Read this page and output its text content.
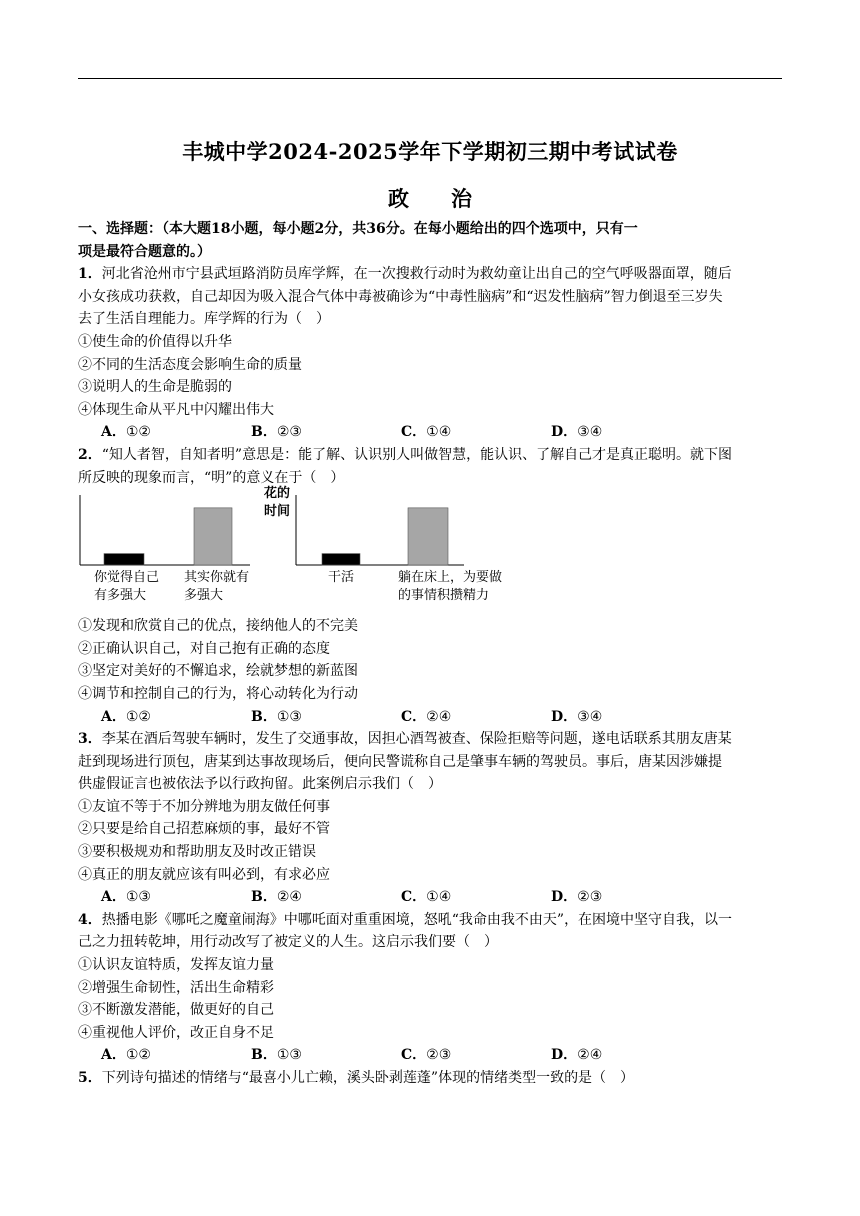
丰城中学2024-2025学年下学期初三期中考试试卷
政　　治

一、选择题：（本大题18小题，每小题2分，共36分。在每小题给出的四个选项中，只有一

项是最符合题意的。）

1．河北省沧州市宁县武垣路消防员库学辉，在一次搜救行动时为救幼童让出自己的空气呼吸器面罩，随后

小女孩成功获救，自己却因为吸入混合气体中毒被确诊为“中毒性脑病”和“迟发性脑病”智力倒退至三岁失

去了生活自理能力。库学辉的行为（　）

①使生命的价值得以升华

②不同的生活态度会影响生命的质量

③说明人的生命是脆弱的

④体现生命从平凡中闪耀出伟大

A．①②	B．②③	C．①④	D．③④

2．“知人者智，自知者明”意思是：能了解、认识别人叫做智慧，能认识、了解自己才是真正聪明。就下图

所反映的现象而言，“明”的意义在于（　）

你觉得自己
有多强大
其实你就有
多强大
干活	躺在床上，为要做
的事情积攒精力
花的
时间

①发现和欣赏自己的优点，接纳他人的不完美

②正确认识自己，对自己抱有正确的态度

③坚定对美好的不懈追求，绘就梦想的新蓝图

④调节和控制自己的行为，将心动转化为行动

A．①②	B．①③	C．②④	D．③④

3．李某在酒后驾驶车辆时，发生了交通事故，因担心酒驾被查、保险拒赔等问题，遂电话联系其朋友唐某

赶到现场进行顶包，唐某到达事故现场后，便向民警谎称自己是肇事车辆的驾驶员。事后，唐某因涉嫌提

供虚假证言也被依法予以行政拘留。此案例启示我们（　）

①友谊不等于不加分辨地为朋友做任何事

②只要是给自己招惹麻烦的事，最好不管

③要积极规劝和帮助朋友及时改正错误

④真正的朋友就应该有叫必到，有求必应

A．①③	B．②④	C．①④	D．②③

4．热播电影《哪吒之魔童闹海》中哪吒面对重重困境，怒吼“我命由我不由天”，在困境中坚守自我，以一

己之力扭转乾坤，用行动改写了被定义的人生。这启示我们要（　）

①认识友谊特质，发挥友谊力量

②增强生命韧性，活出生命精彩

③不断激发潜能，做更好的自己

④重视他人评价，改正自身不足

A．①②	B．①③	C．②③	D．②④

5．下列诗句描述的情绪与“最喜小儿亡赖，溪头卧剥莲蓬”体现的情绪类型一致的是（　）
